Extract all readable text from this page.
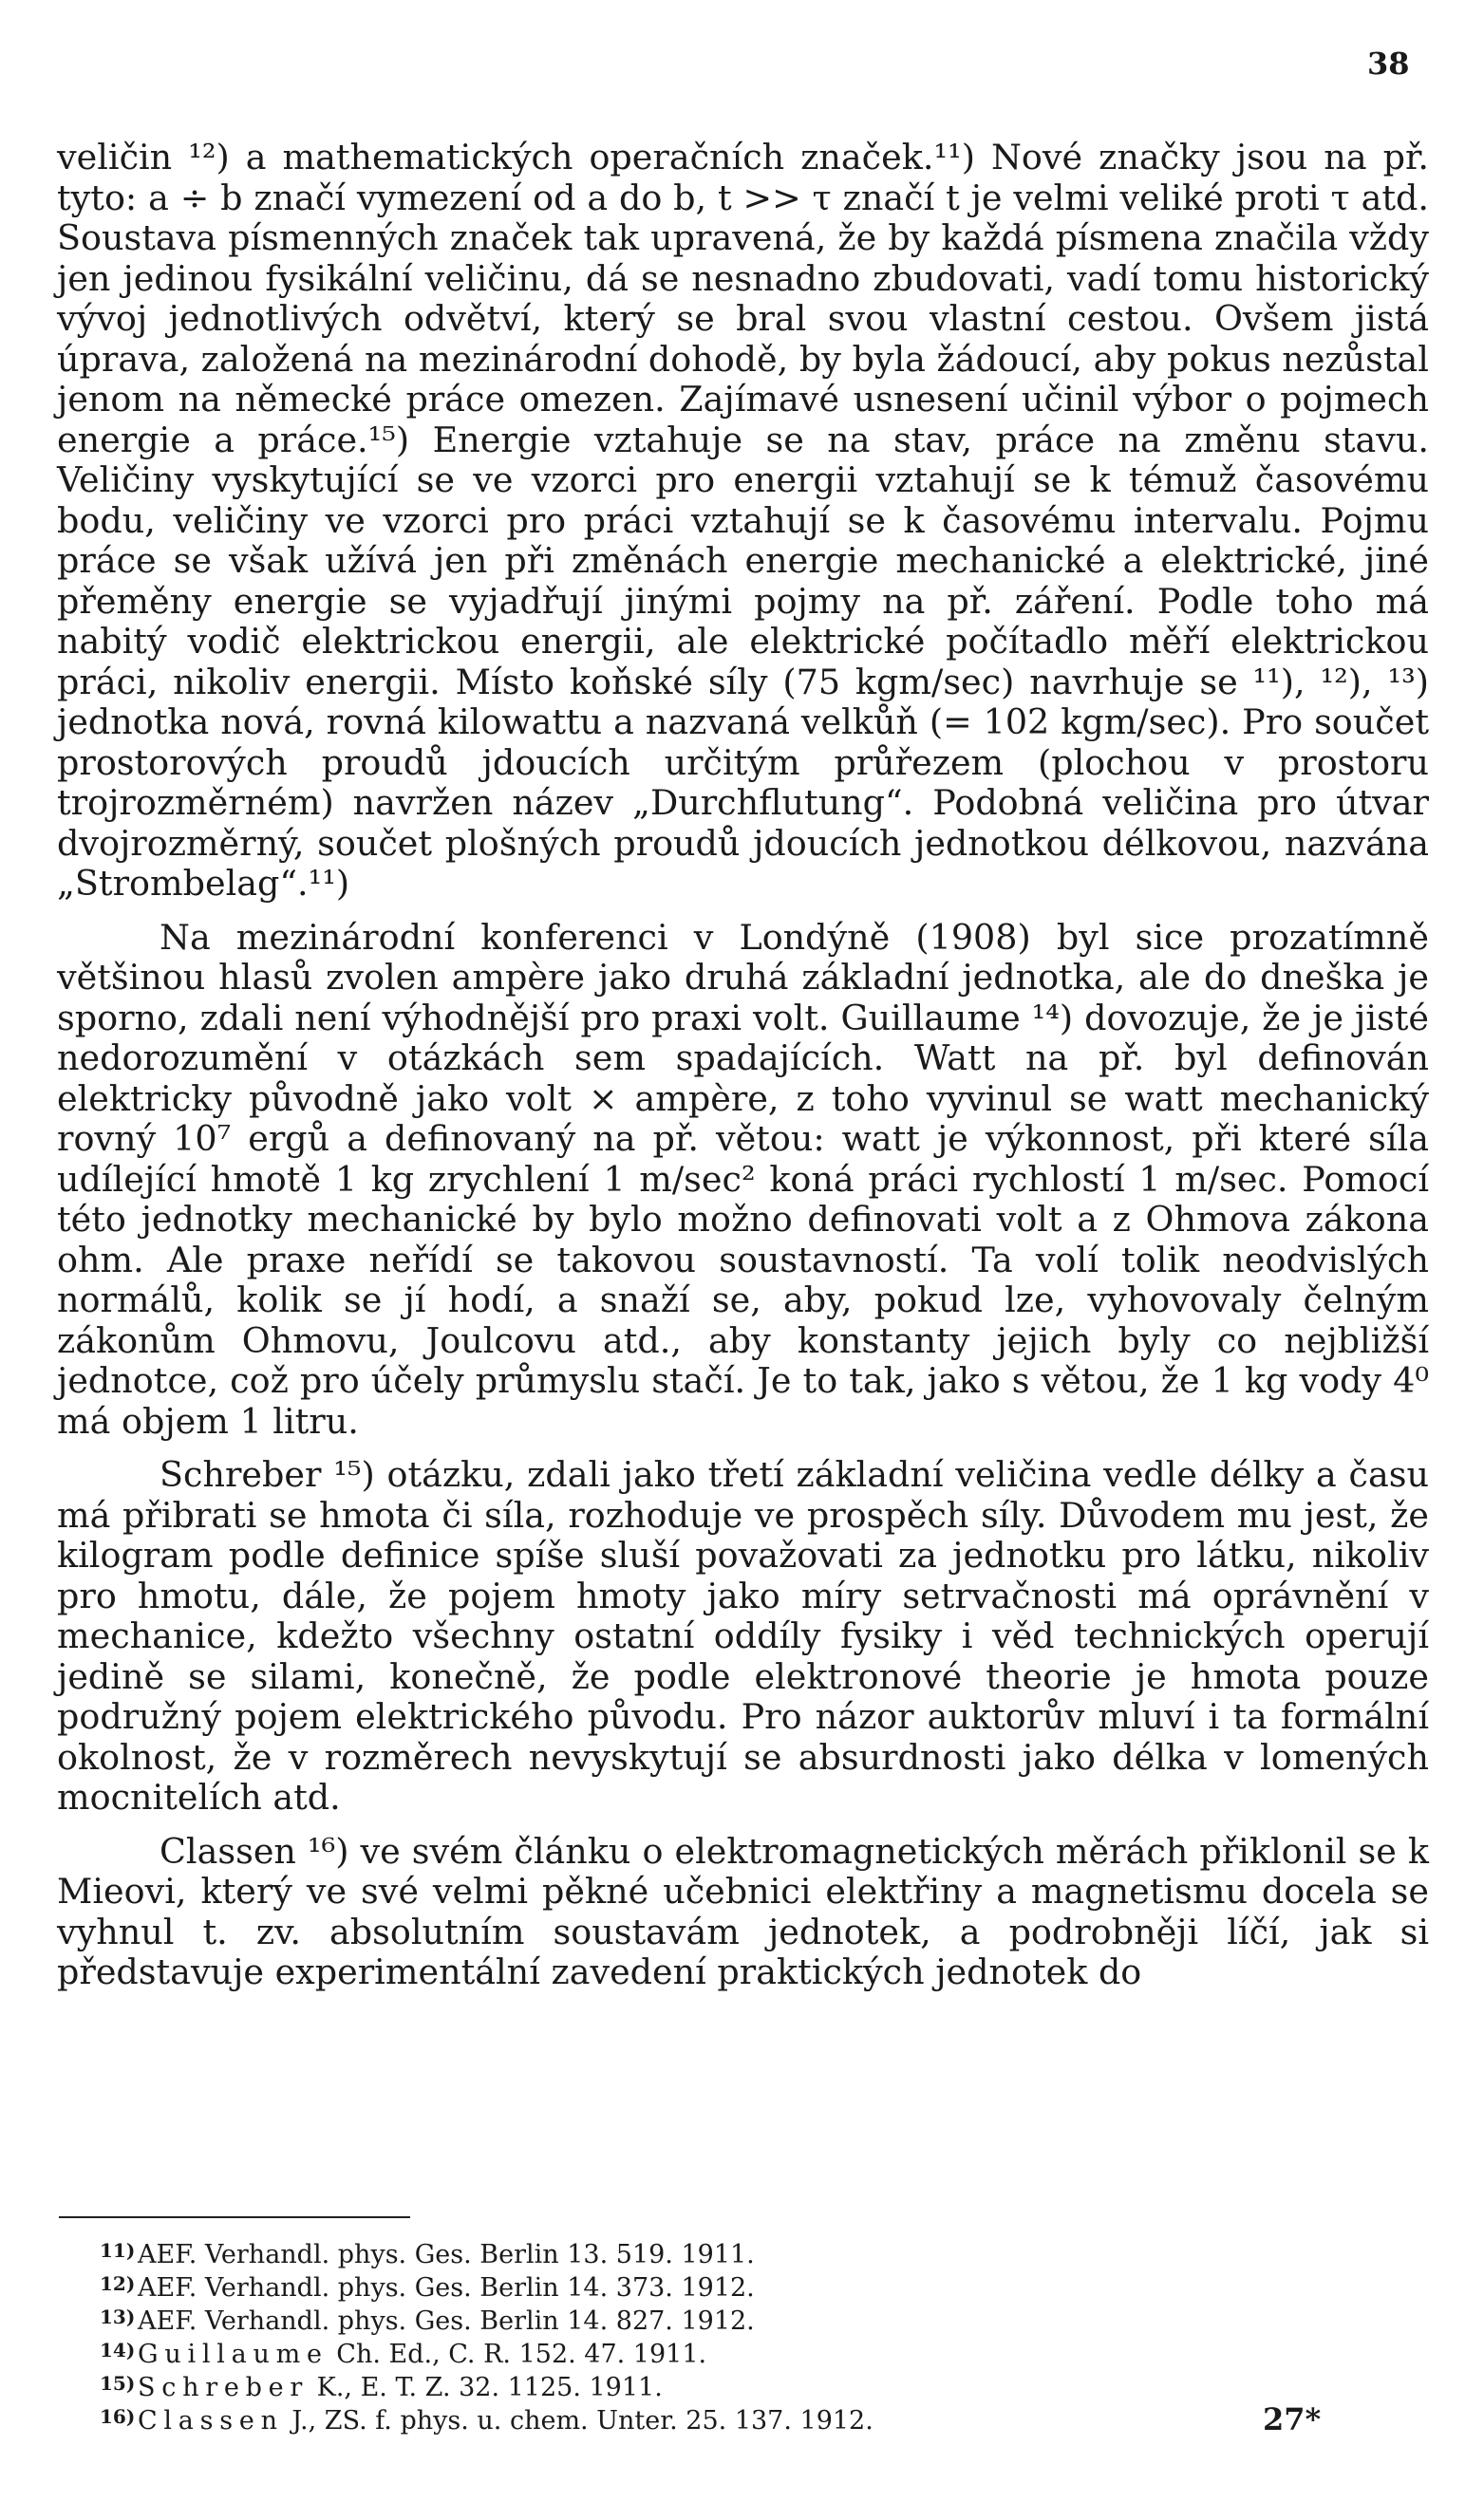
38

veličin ¹²) a mathematických operačních značek.¹¹) Nové značky jsou na př. tyto: a ÷ b značí vymezení od a do b, t >> τ značí t je velmi veliké proti τ atd. Soustava písmenných značek tak upravená, že by každá písmena značila vždy jen jedinou fysikální veličinu, dá se nesnadno zbudovati, vadí tomu historický vývoj jednotlivých odvětví, který se bral svou vlastní cestou. Ovšem jistá úprava, založená na mezinárodní dohodě, by byla žádoucí, aby pokus nezůstal jenom na německé práce omezen. Zajímavé usnesení učinil výbor o pojmech energie a práce.¹⁵) Energie vztahuje se na stav, práce na změnu stavu. Veličiny vyskytující se ve vzorci pro energii vztahují se k témuž časovému bodu, veličiny ve vzorci pro práci vztahují se k časovému intervalu. Pojmu práce se však užívá jen při změnách energie mechanické a elektrické, jiné přeměny energie se vyjadřují jinými pojmy na př. záření. Podle toho má nabitý vodič elektrickou energii, ale elektrické počítadlo měří elektrickou práci, nikoliv energii. Místo koňské síly (75 kgm/sec) navrhuje se ¹¹), ¹²), ¹³) jednotka nová, rovná kilowattu a nazvaná velkůň (= 102 kgm/sec). Pro součet prostorových proudů jdoucích určitým průřezem (plochou v prostoru trojrozměrném) navržen název „Durchflutung“. Podobná veličina pro útvar dvojrozměrný, součet plošných proudů jdoucích jednotkou délkovou, nazvána „Strombelag“.¹¹)

Na mezinárodní konferenci v Londýně (1908) byl sice prozatímně většinou hlasů zvolen ampère jako druhá základní jednotka, ale do dneška je sporno, zdali není výhodnější pro praxi volt. Guillaume ¹⁴) dovozuje, že je jisté nedorozumění v otázkách sem spadajících. Watt na př. byl definován elektricky původně jako volt × ampère, z toho vyvinul se watt mechanický rovný 10⁷ ergů a definovaný na př. větou: watt je výkonnost, při které síla udílející hmotě 1 kg zrychlení 1 m/sec² koná práci rychlostí 1 m/sec. Pomocí této jednotky mechanické by bylo možno definovati volt a z Ohmova zákona ohm. Ale praxe neřídí se takovou soustavností. Ta volí tolik neodvislých normálů, kolik se jí hodí, a snaží se, aby, pokud lze, vyhovovaly čelným zákonům Ohmovu, Joulcovu atd., aby konstanty jejich byly co nejbližší jednotce, což pro účely průmyslu stačí. Je to tak, jako s větou, že 1 kg vody 4⁰ má objem 1 litru.

Schreber ¹⁵) otázku, zdali jako třetí základní veličina vedle délky a času má přibrati se hmota či síla, rozhoduje ve prospěch síly. Důvodem mu jest, že kilogram podle definice spíše sluší považovati za jednotku pro látku, nikoliv pro hmotu, dále, že pojem hmoty jako míry setrvačnosti má oprávnění v mechanice, kdežto všechny ostatní oddíly fysiky i věd technických operují jedině se silami, konečně, že podle elektronové theorie je hmota pouze podružný pojem elektrického původu. Pro názor auktorův mluví i ta formální okolnost, že v rozměrech nevyskytují se absurdnosti jako délka v lomených mocnitelích atd.

Classen ¹⁶) ve svém článku o elektromagnetických měrách přiklonil se k Mieovi, který ve své velmi pěkné učebnici elektřiny a magnetismu docela se vyhnul t. zv. absolutním soustavám jednotek, a podrobněji líčí, jak si představuje experimentální zavedení praktických jednotek do

11) AEF. Verhandl. phys. Ges. Berlin 13. 519. 1911.
12) AEF. Verhandl. phys. Ges. Berlin 14. 373. 1912.
13) AEF. Verhandl. phys. Ges. Berlin 14. 827. 1912.
14) Guillaume Ch. Ed., C. R. 152. 47. 1911.
15) Schreber K., E. T. Z. 32. 1125. 1911.
16) Classen J., ZS. f. phys. u. chem. Unter. 25. 137. 1912.	27*
